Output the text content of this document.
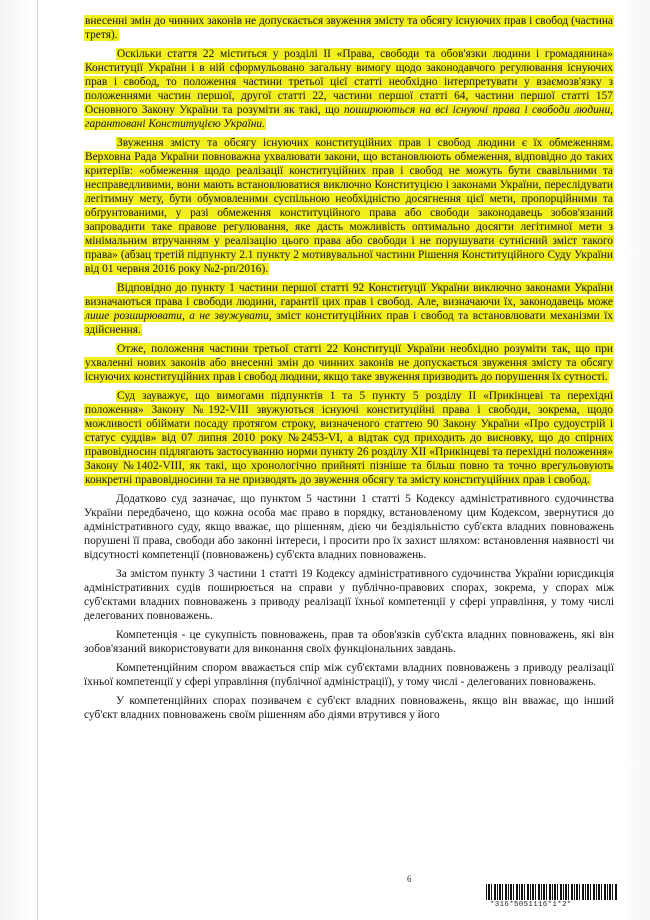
внесенні змін до чинних законів не допускається звуження змісту та обсягу існуючих прав і свобод (частина третя).

Оскільки стаття 22 міститься у розділі ІІ «Права, свободи та обов'язки людини і громадянина» Конституції України і в ній сформульовано загальну вимогу щодо законодавчого регулювання існуючих прав і свобод, то положення частини третьої цієї статті необхідно інтерпретувати у взаємозв'язку з положеннями частин першої, другої статті 22, частини першої статті 64, частини першої статті 157 Основного Закону України та розуміти як такі, що поширюються на всі існуючі права і свободи людини, гарантовані Конституцією України.

Звуження змісту та обсягу існуючих конституційних прав і свобод людини є їх обмеженням. Верховна Рада України повноважна ухвалювати закони, що встановлюють обмеження, відповідно до таких критеріїв: «обмеження щодо реалізації конституційних прав і свобод не можуть бути свавільними та несправедливими, вони мають встановлюватися виключно Конституцією і законами України, переслідувати легітимну мету, бути обумовленими суспільною необхідністю досягнення цієї мети, пропорційними та обґрунтованими, у разі обмеження конституційного права або свободи законодавець зобов'язаний запровадити таке правове регулювання, яке дасть можливість оптимально досягти легітимної мети з мінімальним втручанням у реалізацію цього права або свободи і не порушувати сутнісний зміст такого права» (абзац третій підпункту 2.1 пункту 2 мотивувальної частини Рішення Конституційного Суду України від 01 червня 2016 року №2-рп/2016).

Відповідно до пункту 1 частини першої статті 92 Конституції України виключно законами України визначаються права і свободи людини, гарантії цих прав і свобод. Але, визначаючи їх, законодавець може лише розширювати, а не звужувати, зміст конституційних прав і свобод та встановлювати механізми їх здійснення.

Отже, положення частини третьої статті 22 Конституції України необхідно розуміти так, що при ухваленні нових законів або внесенні змін до чинних законів не допускається звуження змісту та обсягу існуючих конституційних прав і свобод людини, якщо таке звуження призводить до порушення їх сутності.

Суд зауважує, що вимогами підпунктів 1 та 5 пункту 5 розділу ІІ «Прикінцеві та перехідні положення» Закону №192-VІІІ звужуються існуючі конституційні права і свободи, зокрема, щодо можливості обіймати посаду протягом строку, визначеного статтею 90 Закону України «Про судоустрій і статус суддів» від 07 липня 2010 року №2453-VІ, а відтак суд приходить до висновку, що до спірних правовідносин підлягають застосуванню норми пункту 26 розділу ХІІ «Прикінцеві та перехідні положення» Закону №1402-VІІІ, як такі, що хронологічно прийняті пізніше та більш повно та точно врегульовують конкретні правовідносини та не призводять до звуження обсягу та змісту конституційних прав і свобод.

Додатково суд зазначає, що пунктом 5 частини 1 статті 5 Кодексу адміністративного судочинства України передбачено, що кожна особа має право в порядку, встановленому цим Кодексом, звернутися до адміністративного суду, якщо вважає, що рішенням, дією чи бездіяльністю суб'єкта владних повноважень порушені її права, свободи або законні інтереси, і просити про їх захист шляхом: встановлення наявності чи відсутності компетенції (повноважень) суб'єкта владних повноважень.

За змістом пункту 3 частини 1 статті 19 Кодексу адміністративного судочинства України юрисдикція адміністративних судів поширюється на справи у публічно-правових спорах, зокрема, у спорах між суб'єктами владних повноважень з приводу реалізації їхньої компетенції у сфері управління, у тому числі делегованих повноважень.

Компетенція - це сукупність повноважень, прав та обов'язків суб'єкта владних повноважень, які він зобов'язаний використовувати для виконання своїх функціональних завдань.

Компетенційним спором вважається спір між суб'єктами владних повноважень з приводу реалізації їхньої компетенції у сфері управління (публічної адміністрації), у тому числі - делегованих повноважень.

У компетенційних спорах позивачем є суб'єкт владних повноважень, якщо він вважає, що інший суб'єкт владних повноважень своїм рішенням або діями втрутився у його

6
*316*5051116*1*2*
